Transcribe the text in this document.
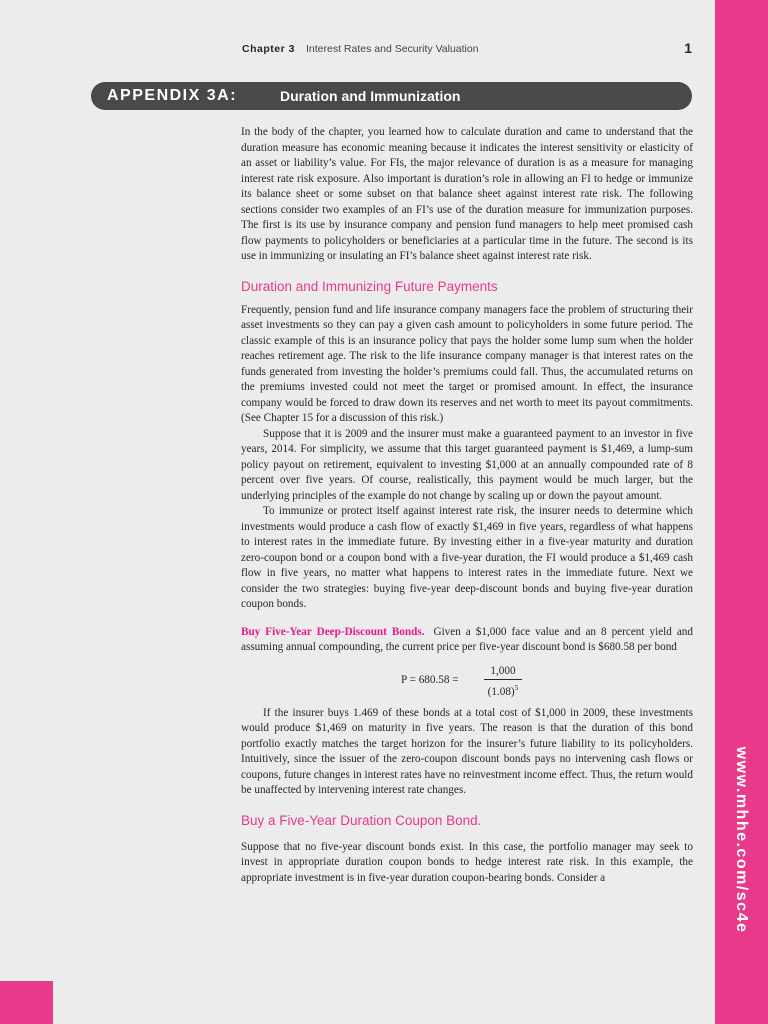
Chapter 3 Interest Rates and Security Valuation	1
APPENDIX 3A:	Duration and Immunization

In the body of the chapter, you learned how to calculate duration and came to understand that the duration measure has economic meaning because it indicates the interest sensitivity or elasticity of an asset or liability’s value. For FIs, the major relevance of duration is as a measure for managing interest rate risk exposure. Also important is duration’s role in allowing an FI to hedge or immunize its balance sheet or some subset on that balance sheet against interest rate risk. The following sections consider two examples of an FI’s use of the duration measure for immunization purposes. The first is its use by insurance company and pension fund managers to help meet promised cash flow payments to policyholders or beneficiaries at a particular time in the future. The second is its use in immunizing or insulating an FI’s balance sheet against interest rate risk.

Duration and Immunizing Future Payments

Frequently, pension fund and life insurance company managers face the problem of structuring their asset investments so they can pay a given cash amount to policyholders in some future period. The classic example of this is an insurance policy that pays the holder some lump sum when the holder reaches retirement age. The risk to the life insurance company manager is that interest rates on the funds generated from investing the holder’s premiums could fall. Thus, the accumulated returns on the premiums invested could not meet the target or promised amount. In effect, the insurance company would be forced to draw down its reserves and net worth to meet its payout commitments. (See Chapter 15 for a discussion of this risk.)

Suppose that it is 2009 and the insurer must make a guaranteed payment to an investor in five years, 2014. For simplicity, we assume that this target guaranteed payment is $1,469, a lump-sum policy payout on retirement, equivalent to investing $1,000 at an annually compounded rate of 8 percent over five years. Of course, realistically, this payment would be much larger, but the underlying principles of the example do not change by scaling up or down the payout amount.

To immunize or protect itself against interest rate risk, the insurer needs to determine which investments would produce a cash flow of exactly $1,469 in five years, regardless of what happens to interest rates in the immediate future. By investing either in a five-year maturity and duration zero-coupon bond or a coupon bond with a five-year duration, the FI would produce a $1,469 cash flow in five years, no matter what happens to interest rates in the immediate future. Next we consider the two strategies: buying five-year deep-discount bonds and buying five-year duration coupon bonds.

Buy Five-Year Deep-Discount Bonds. Given a $1,000 face value and an 8 percent yield and assuming annual compounding, the current price per five-year discount bond is $680.58 per bond

P = 680.58 =
1,000
$(1.08)^5$

If the insurer buys 1.469 of these bonds at a total cost of $1,000 in 2009, these investments would produce $1,469 on maturity in five years. The reason is that the duration of this bond portfolio exactly matches the target horizon for the insurer’s future liability to its policyholders. Intuitively, since the issuer of the zero-coupon discount bonds pays no intervening cash flows or coupons, future changes in interest rates have no reinvestment income effect. Thus, the return would be unaffected by intervening interest rate changes.

Buy a Five-Year Duration Coupon Bond.

Suppose that no five-year discount bonds exist. In this case, the portfolio manager may seek to invest in appropriate duration coupon bonds to hedge interest rate risk. In this example, the appropriate investment is in five-year duration coupon-bearing bonds. Consider a	www.mhhe.com/sc4e
